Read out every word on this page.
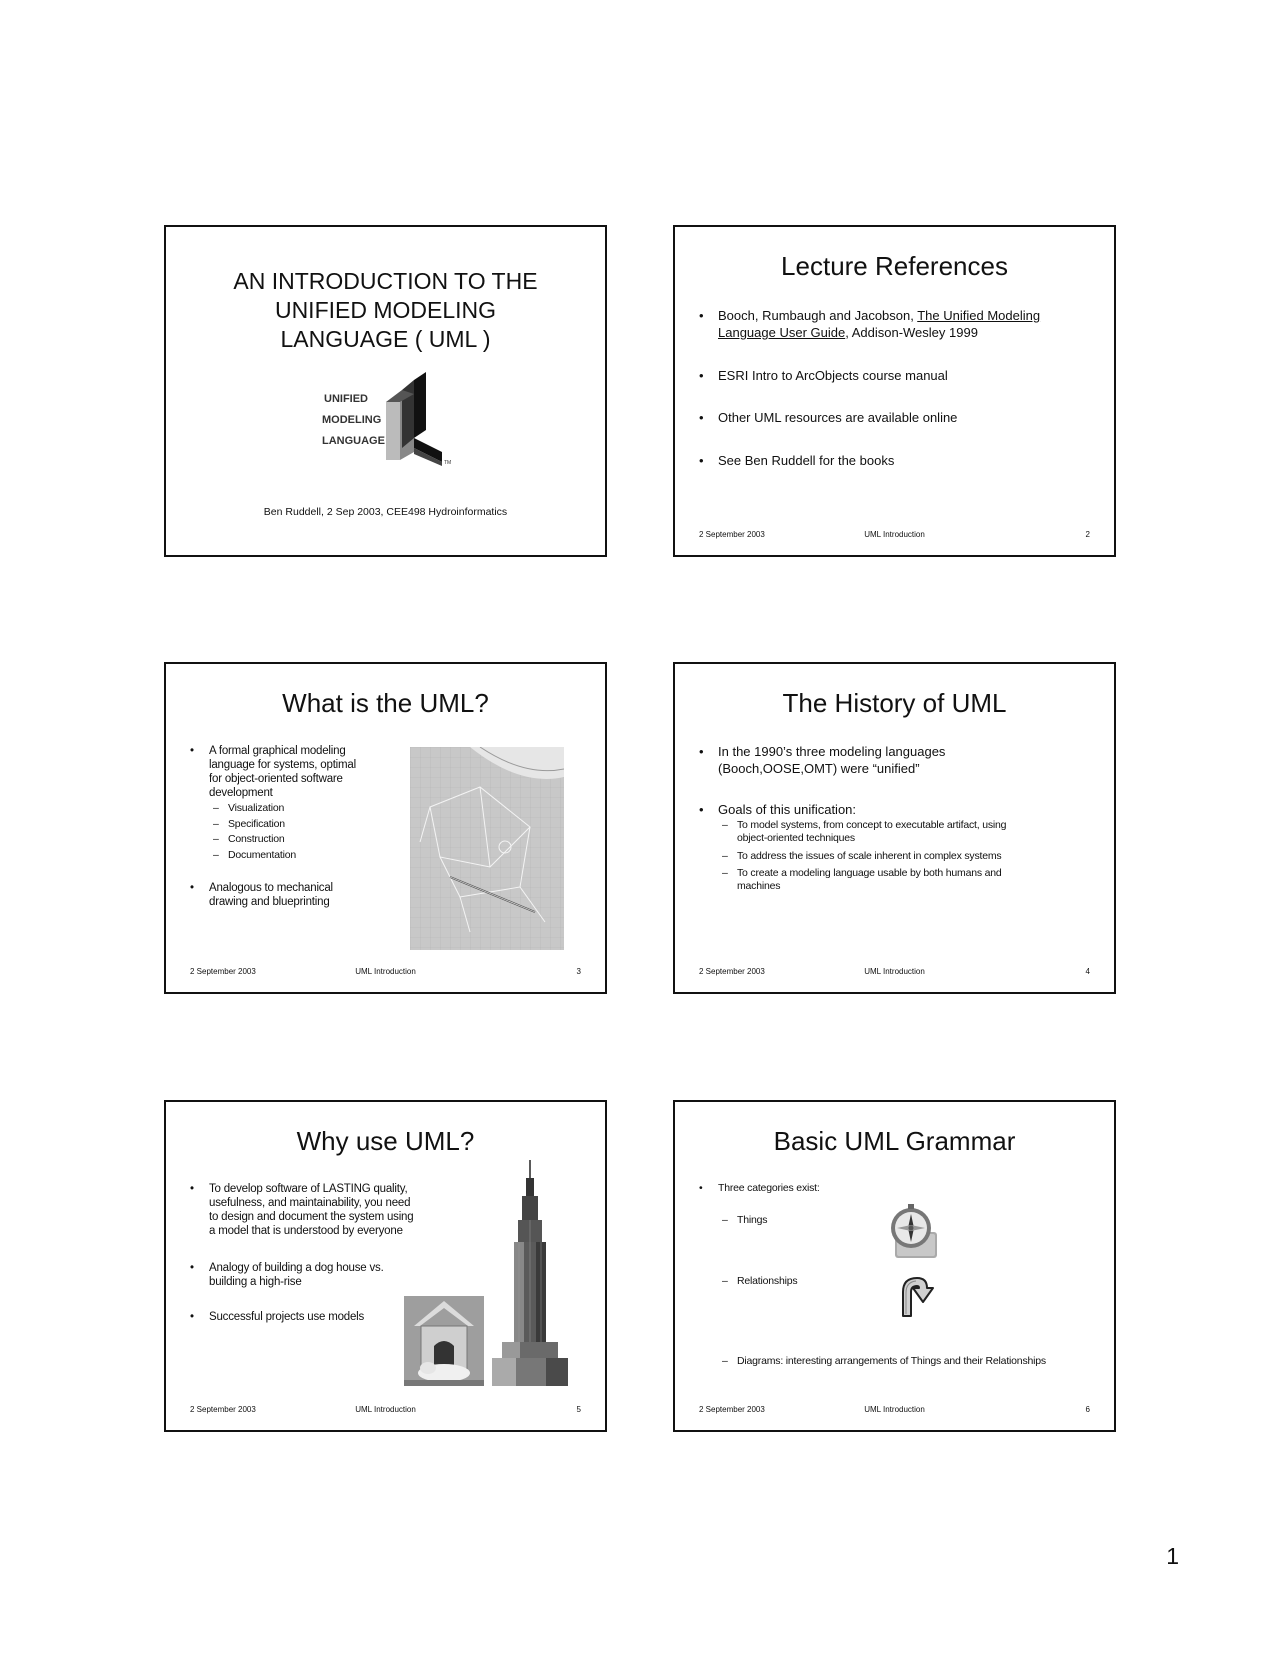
AN INTRODUCTION TO THE
UNIFIED MODELING
LANGUAGE ( UML )
UNIFIED
MODELING
LANGUAGE
TM
Ben Ruddell, 2 Sep 2003, CEE498 Hydroinformatics
Lecture References
• Booch, Rumbaugh and Jacobson, The Unified Modeling
Language User Guide, Addison-Wesley 1999
• ESRI Intro to ArcObjects course manual
• Other UML resources are available online
• See Ben Ruddell for the books
2 September 2003	UML Introduction	2
What is the UML?
• A formal graphical modeling
language for systems, optimal
for object-oriented software
development
– Visualization
– Specification
– Construction
– Documentation
• Analogous to mechanical
drawing and blueprinting
2 September 2003	UML Introduction	3
The History of UML
• In the 1990’s three modeling languages
(Booch,OOSE,OMT) were “unified”
• Goals of this unification:
– To model systems, from concept to executable artifact, using
object-oriented techniques
– To address the issues of scale inherent in complex systems
– To create a modeling language usable by both humans and
machines
2 September 2003	UML Introduction	4
Why use UML?
• To develop software of LASTING quality,
usefulness, and maintainability, you need
to design and document the system using
a model that is understood by everyone
• Analogy of building a dog house vs.
building a high-rise
• Successful projects use models
2 September 2003	UML Introduction	5
Basic UML Grammar
• Three categories exist:
– Things
– Relationships
– Diagrams: interesting arrangements of Things and their Relationships
2 September 2003	UML Introduction	6
1
